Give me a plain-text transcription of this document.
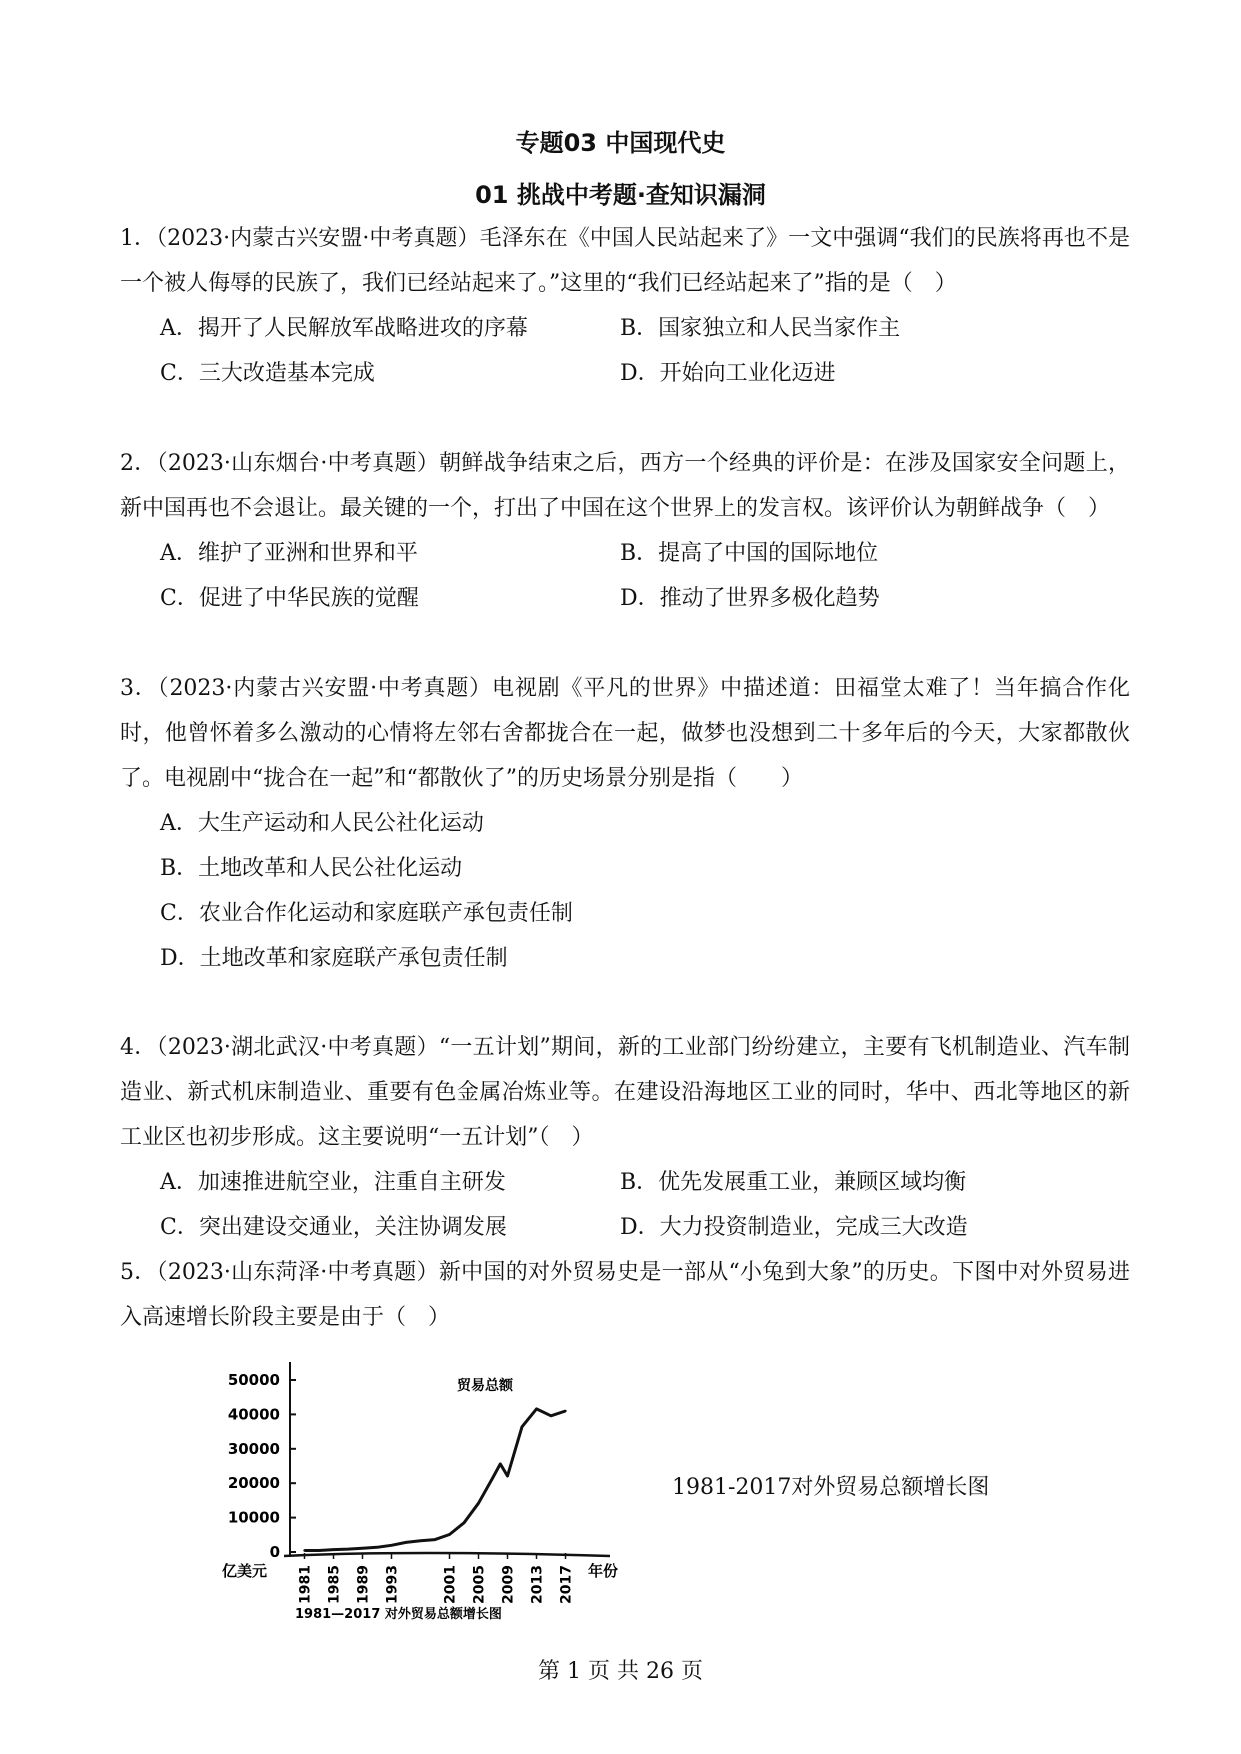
专题03 中国现代史
01 挑战中考题·查知识漏洞
1．（2023·内蒙古兴安盟·中考真题）毛泽东在《中国人民站起来了》一文中强调“我们的民族将再也不是一个被人侮辱的民族了，我们已经站起来了。”这里的“我们已经站起来了”指的是（　）
A．揭开了人民解放军战略进攻的序幕	B．国家独立和人民当家作主
C．三大改造基本完成	D．开始向工业化迈进
2．（2023·山东烟台·中考真题）朝鲜战争结束之后，西方一个经典的评价是：在涉及国家安全问题上，新中国再也不会退让。最关键的一个，打出了中国在这个世界上的发言权。该评价认为朝鲜战争（　）
A．维护了亚洲和世界和平	B．提高了中国的国际地位
C．促进了中华民族的觉醒	D．推动了世界多极化趋势
3．（2023·内蒙古兴安盟·中考真题）电视剧《平凡的世界》中描述道：田福堂太难了！当年搞合作化时，他曾怀着多么激动的心情将左邻右舍都拢合在一起，做梦也没想到二十多年后的今天，大家都散伙了。电视剧中“拢合在一起”和“都散伙了”的历史场景分别是指（　　）
A．大生产运动和人民公社化运动
B．土地改革和人民公社化运动
C．农业合作化运动和家庭联产承包责任制
D．土地改革和家庭联产承包责任制
4．（2023·湖北武汉·中考真题）“一五计划”期间，新的工业部门纷纷建立，主要有飞机制造业、汽车制造业、新式机床制造业、重要有色金属冶炼业等。在建设沿海地区工业的同时，华中、西北等地区的新工业区也初步形成。这主要说明“一五计划”（　）
A．加速推进航空业，注重自主研发	B．优先发展重工业，兼顾区域均衡
C．突出建设交通业，关注协调发展	D．大力投资制造业，完成三大改造
5．（2023·山东菏泽·中考真题）新中国的对外贸易史是一部从“小兔到大象”的历史。下图中对外贸易进入高速增长阶段主要是由于（　）
0
10000
20000
30000
40000
50000
1981 1985 1989 1993	2001 2005 2009 2013 2017
贸易总额
亿美元	年份
1981—2017 对外贸易总额增长图
1981-2017对外贸易总额增长图
第 1 页 共 26 页
